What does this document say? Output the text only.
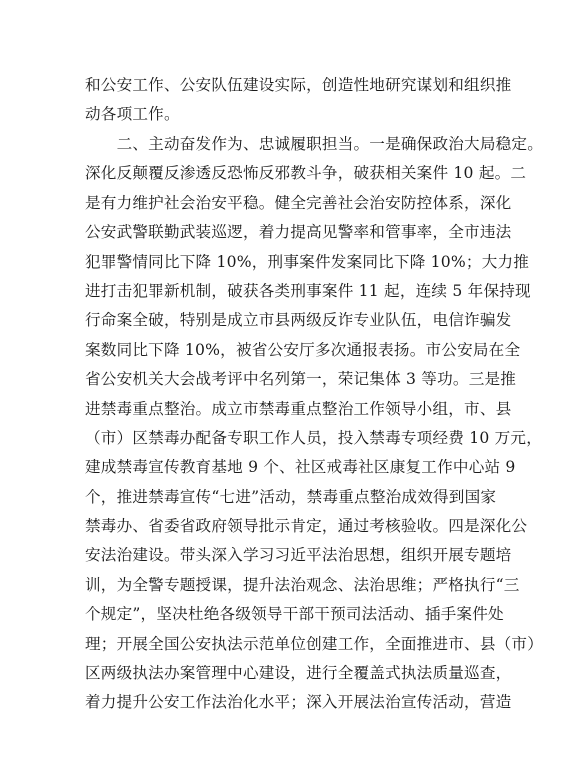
和公安工作、公安队伍建设实际，创造性地研究谋划和组织推
动各项工作。
　　二、主动奋发作为、忠诚履职担当。一是确保政治大局稳定。
深化反颠覆反渗透反恐怖反邪教斗争，破获相关案件 10 起。二
是有力维护社会治安平稳。健全完善社会治安防控体系，深化
公安武警联勤武装巡逻，着力提高见警率和管事率，全市违法
犯罪警情同比下降 10%，刑事案件发案同比下降 10%；大力推
进打击犯罪新机制，破获各类刑事案件 11 起，连续 5 年保持现
行命案全破，特别是成立市县两级反诈专业队伍，电信诈骗发
案数同比下降 10%，被省公安厅多次通报表扬。市公安局在全
省公安机关大会战考评中名列第一，荣记集体 3 等功。三是推
进禁毒重点整治。成立市禁毒重点整治工作领导小组，市、县
（市）区禁毒办配备专职工作人员，投入禁毒专项经费 10 万元，
建成禁毒宣传教育基地 9 个、社区戒毒社区康复工作中心站 9
个，推进禁毒宣传“七进”活动，禁毒重点整治成效得到国家
禁毒办、省委省政府领导批示肯定，通过考核验收。四是深化公
安法治建设。带头深入学习习近平法治思想，组织开展专题培
训，为全警专题授课，提升法治观念、法治思维；严格执行“三
个规定”，坚决杜绝各级领导干部干预司法活动、插手案件处
理；开展全国公安执法示范单位创建工作，全面推进市、县（市）
区两级执法办案管理中心建设，进行全覆盖式执法质量巡查，
着力提升公安工作法治化水平；深入开展法治宣传活动，营造
